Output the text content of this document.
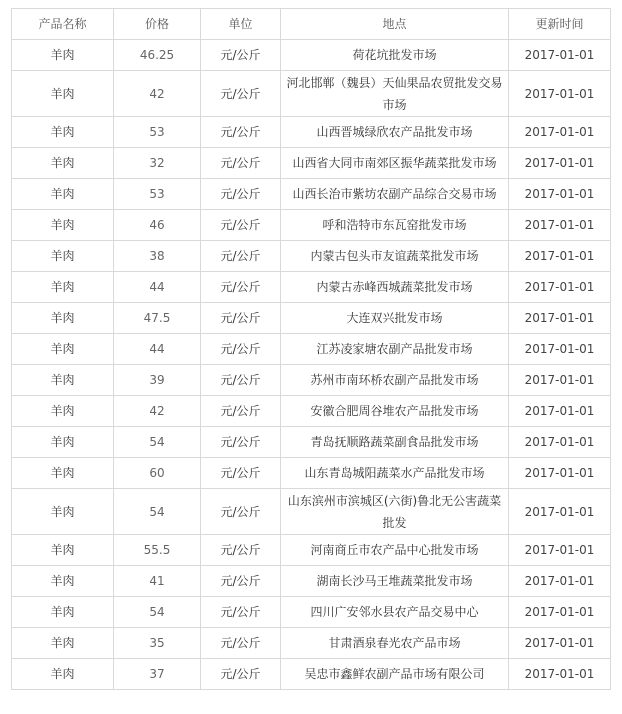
产品名称	价格	单位	地点	更新时间
羊肉	46.25	元/公斤	荷花坑批发市场	2017-01-01
羊肉	42	元/公斤	河北邯郸（魏县）天仙果品农贸批发交易市场	2017-01-01
羊肉	53	元/公斤	山西晋城绿欣农产品批发市场	2017-01-01
羊肉	32	元/公斤	山西省大同市南郊区振华蔬菜批发市场	2017-01-01
羊肉	53	元/公斤	山西长治市紫坊农副产品综合交易市场	2017-01-01
羊肉	46	元/公斤	呼和浩特市东瓦窑批发市场	2017-01-01
羊肉	38	元/公斤	内蒙古包头市友谊蔬菜批发市场	2017-01-01
羊肉	44	元/公斤	内蒙古赤峰西城蔬菜批发市场	2017-01-01
羊肉	47.5	元/公斤	大连双兴批发市场	2017-01-01
羊肉	44	元/公斤	江苏凌家塘农副产品批发市场	2017-01-01
羊肉	39	元/公斤	苏州市南环桥农副产品批发市场	2017-01-01
羊肉	42	元/公斤	安徽合肥周谷堆农产品批发市场	2017-01-01
羊肉	54	元/公斤	青岛抚顺路蔬菜副食品批发市场	2017-01-01
羊肉	60	元/公斤	山东青岛城阳蔬菜水产品批发市场	2017-01-01
羊肉	54	元/公斤	山东滨州市滨城区(六街)鲁北无公害蔬菜批发	2017-01-01
羊肉	55.5	元/公斤	河南商丘市农产品中心批发市场	2017-01-01
羊肉	41	元/公斤	湖南长沙马王堆蔬菜批发市场	2017-01-01
羊肉	54	元/公斤	四川广安邻水县农产品交易中心	2017-01-01
羊肉	35	元/公斤	甘肃酒泉春光农产品市场	2017-01-01
羊肉	37	元/公斤	吴忠市鑫鲜农副产品市场有限公司	2017-01-01
